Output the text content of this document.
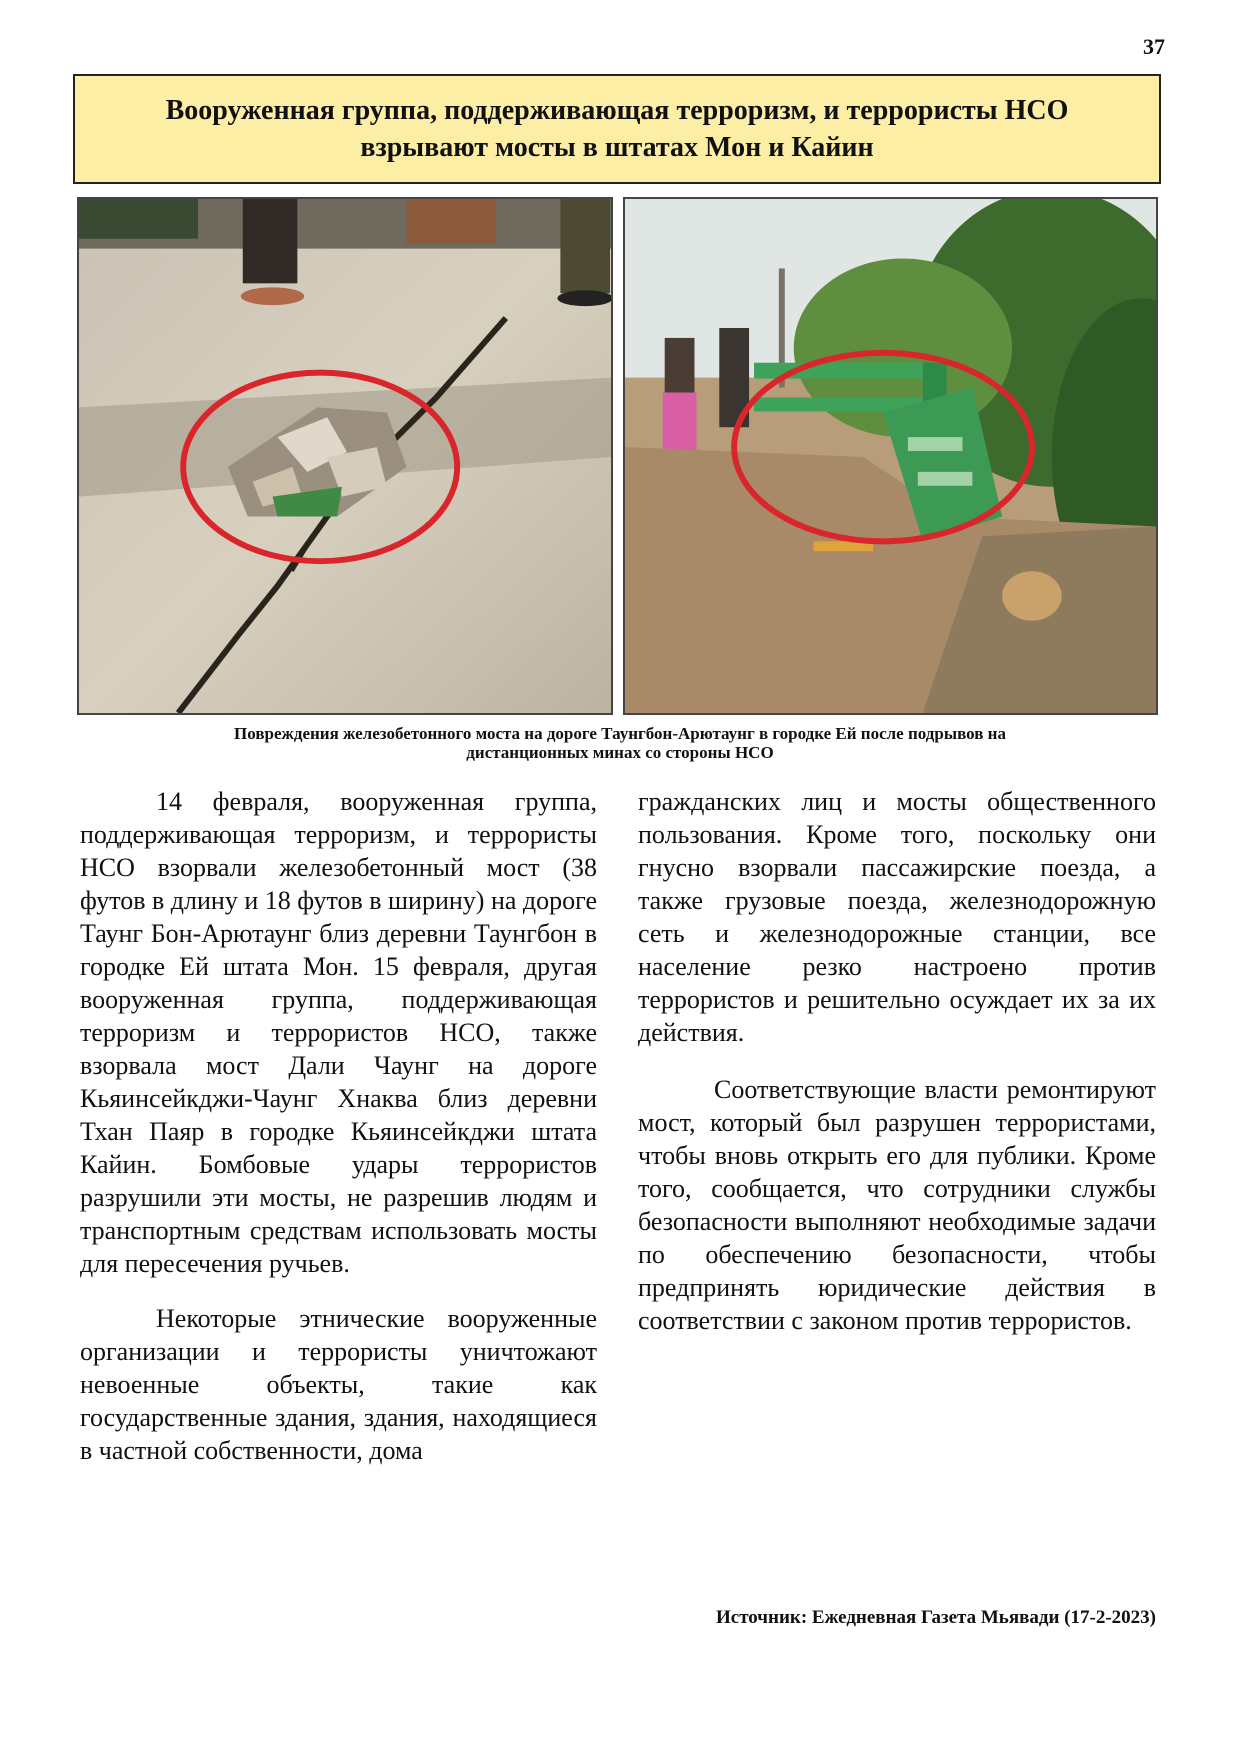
37
Вооруженная группа, поддерживающая терроризм, и террористы НСО
взрывают мосты в штатах Мон и Кайин
Повреждения железобетонного моста на дороге Таунгбон-Арютаунг в городке Ей после подрывов на
дистанционных минах со стороны НСО

14 февраля, вооруженная группа, поддерживающая терроризм, и террористы НСО взорвали железобетонный мост (38 футов в длину и 18 футов в ширину) на дороге Таунг Бон-Арютаунг близ деревни Таунгбон в городке Ей штата Мон. 15 февраля, другая вооруженная группа, поддерживающая терроризм и террористов НСО, также взорвала мост Дали Чаунг на дороге Кьяинсейкджи-Чаунг Хнаква близ деревни Тхан Паяр в городке Кьяинсейкджи штата Кайин. Бомбовые удары террористов разрушили эти мосты, не разрешив людям и транспортным средствам использовать мосты для пересечения ручьев.

Некоторые этнические вооруженные организации и террористы уничтожают невоенные объекты, такие как государственные здания, здания, находящиеся в частной собственности, дома

гражданских лиц и мосты общественного пользования. Кроме того, поскольку они гнусно взорвали пассажирские поезда, а также грузовые поезда, железнодорожную сеть и железнодорожные станции, все население резко настроено против террористов и решительно осуждает их за их действия.

Соответствующие власти ремонтируют мост, который был разрушен террористами, чтобы вновь открыть его для публики. Кроме того, сообщается, что сотрудники службы безопасности выполняют необходимые задачи по обеспечению безопасности, чтобы предпринять юридические действия в соответствии с законом против террористов.

Источник: Ежедневная Газета Мьявади (17-2-2023)
